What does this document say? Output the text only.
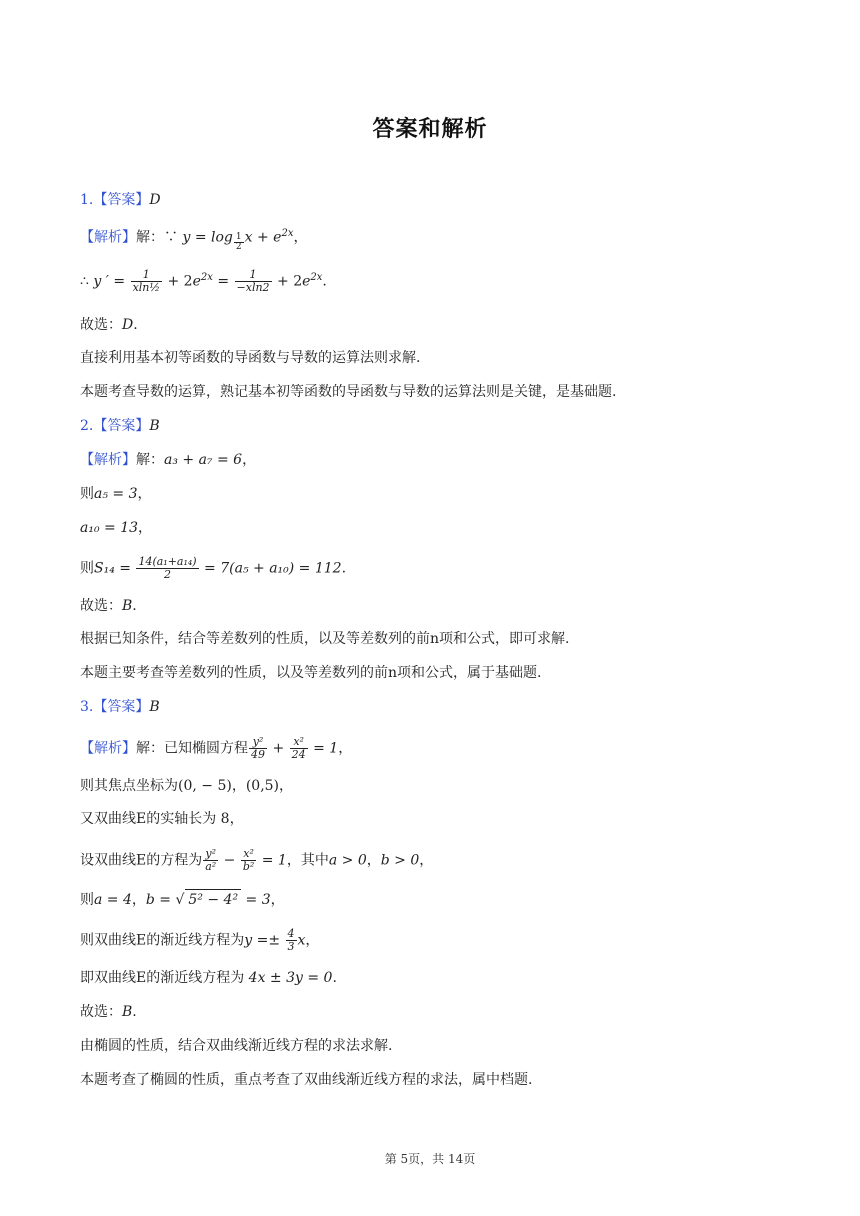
答案和解析
1.【答案】D
【解析】解：∵ y = log $_{\frac{1}{2}}$ $x + e^{2x}$，
∴ y ′ = $\frac{1}{\text{xln½}} + 2e^{2x} = \frac{1}{-xln2} + 2e^{2x}$.
故选：D.
直接利用基本初等函数的导函数与导数的运算法则求解.
本题考查导数的运算，熟记基本初等函数的导函数与导数的运算法则是关键，是基础题.
2.【答案】B
【解析】解：a₃ + a₇ = 6，
则a₅ = 3，
a₁₀ = 13，
则$S_{14} = \frac{\text{14(a₁+a₁₄)}}{2} = 7(a_5 + a_{10}) = 112$.
故选：B.
根据已知条件，结合等差数列的性质，以及等差数列的前n项和公式，即可求解.
本题主要考查等差数列的性质，以及等差数列的前n项和公式，属于基础题.
3.【答案】B
【解析】解：已知椭圆方程 $\frac{\text{y²}}{49} + \frac{\text{x²}}{24} = 1$，
则其焦点坐标为(0, − 5)，(0,5)，
又双曲线E的实轴长为 8，
设双曲线E的方程为 $\frac{\text{y²}}{\text{a²}} - \frac{\text{x²}}{\text{b²}} = 1$，其中a > 0，b > 0，
则a = 4，b = √ 5² − 4² = 3，
则双曲线E的渐近线方程为$y =\pm \frac{4}{3}$ x，
即双曲线E的渐近线方程为 4x ± 3y = 0.
故选：B.
由椭圆的性质，结合双曲线渐近线方程的求法求解.
本题考查了椭圆的性质，重点考查了双曲线渐近线方程的求法，属中档题.
第 5页，共 14页
